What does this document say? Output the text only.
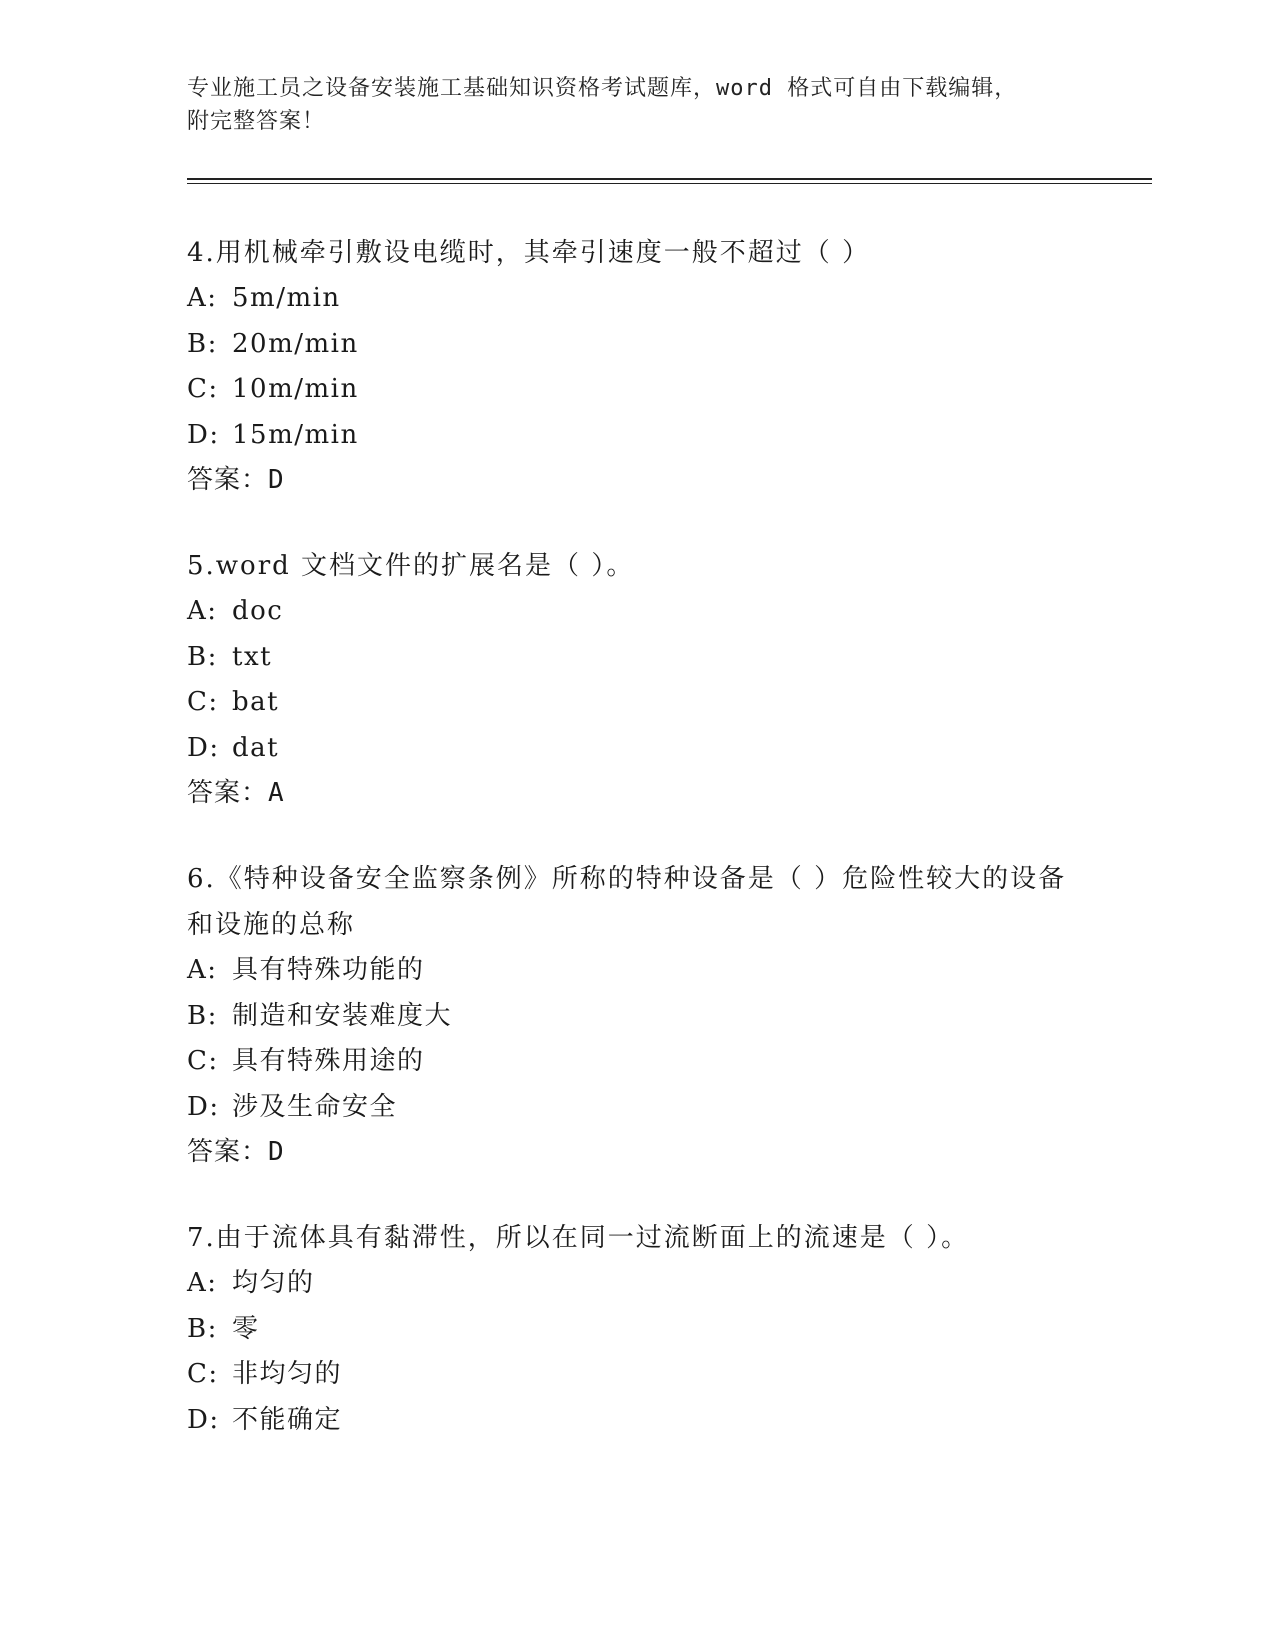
专业施工员之设备安装施工基础知识资格考试题库，word 格式可自由下载编辑，
附完整答案！

4.用机械牵引敷设电缆时，其牵引速度一般不超过（ ）

A: 5m/min

B: 20m/min

C: 10m/min

D: 15m/min

答案：D

5.word 文档文件的扩展名是（ ）。

A: doc

B: txt

C: bat

D: dat

答案：A

6.《特种设备安全监察条例》所称的特种设备是（ ）危险性较大的设备和设施的总称

A: 具有特殊功能的

B: 制造和安装难度大

C: 具有特殊用途的

D: 涉及生命安全

答案：D

7.由于流体具有黏滞性，所以在同一过流断面上的流速是（ ）。

A: 均匀的

B: 零

C: 非均匀的

D: 不能确定
